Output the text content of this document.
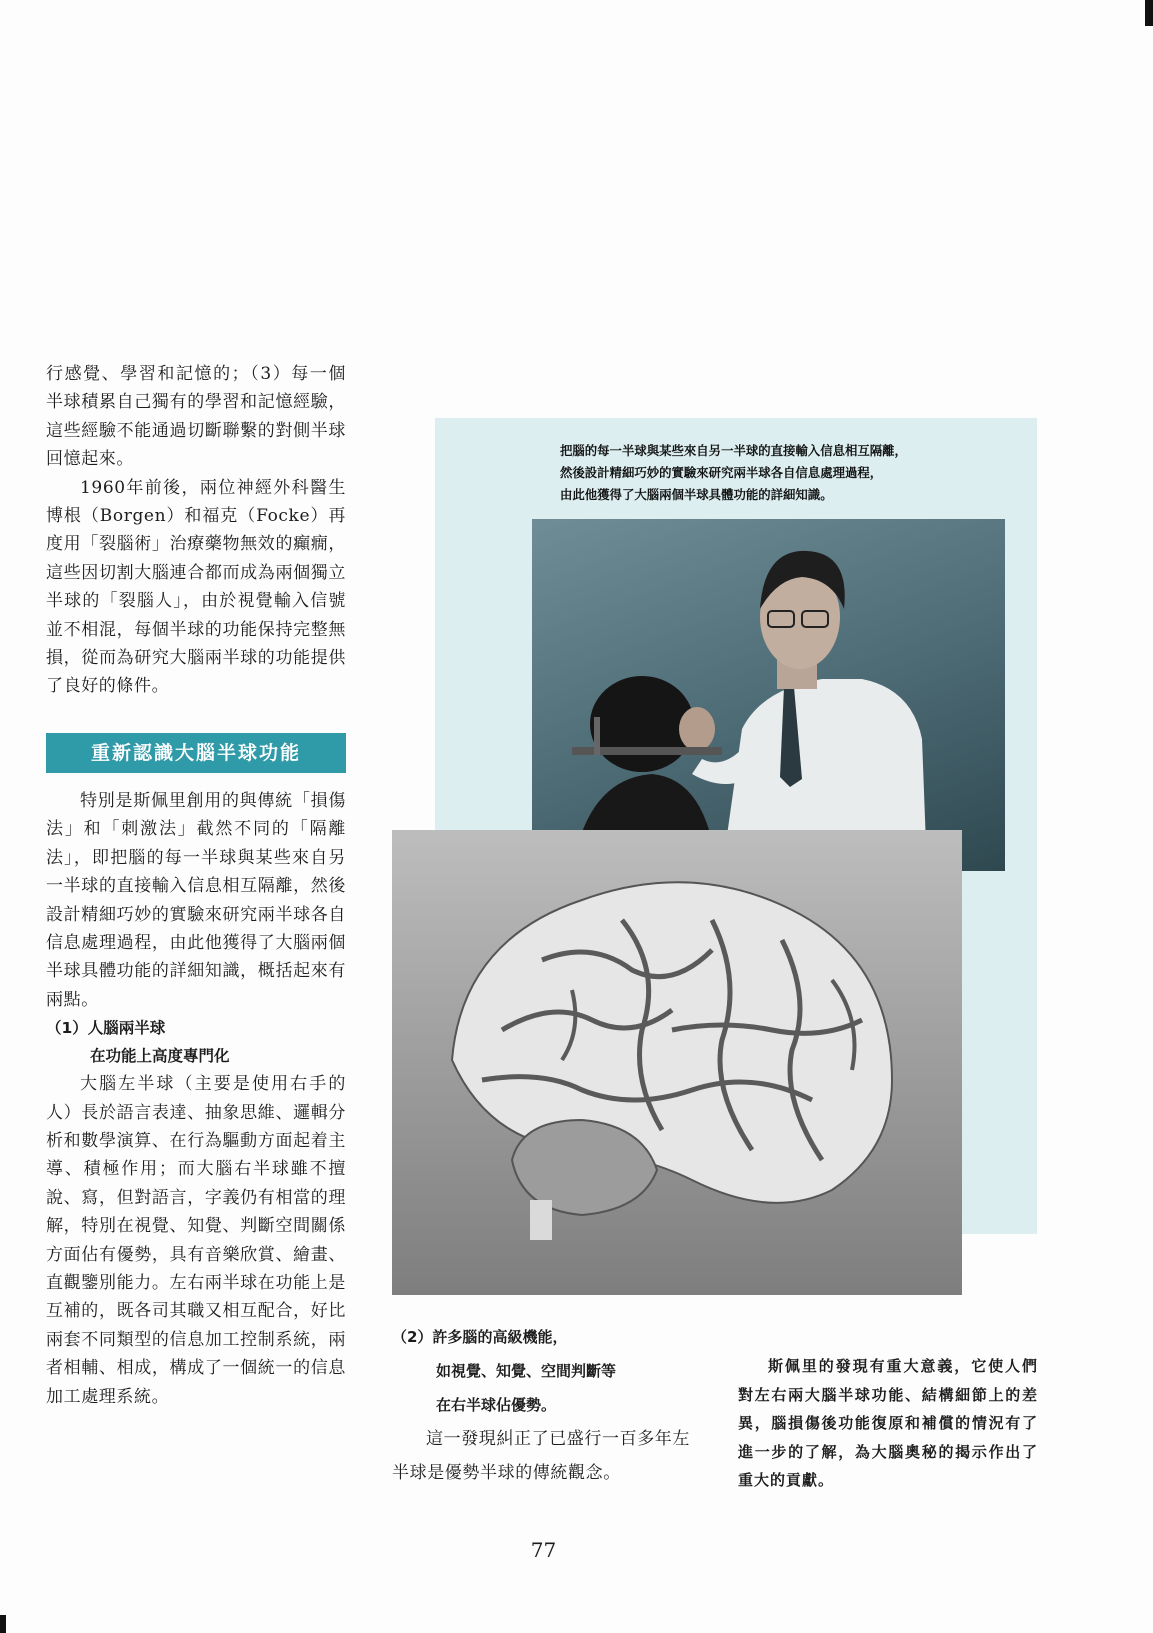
行感覺、學習和記憶的；（3）每一個半球積累自己獨有的學習和記憶經驗，這些經驗不能通過切斷聯繫的對側半球回憶起來。

1960年前後，兩位神經外科醫生博根（Borgen）和福克（Focke）再度用「裂腦術」治療藥物無效的癲癇，這些因切割大腦連合都而成為兩個獨立半球的「裂腦人」，由於視覺輸入信號並不相混，每個半球的功能保持完整無損，從而為研究大腦兩半球的功能提供了良好的條件。

重新認識大腦半球功能

特別是斯佩里創用的與傳統「損傷法」和「刺激法」截然不同的「隔離法」，即把腦的每一半球與某些來自另一半球的直接輸入信息相互隔離，然後設計精細巧妙的實驗來研究兩半球各自信息處理過程，由此他獲得了大腦兩個半球具體功能的詳細知識，概括起來有兩點。

（1）人腦兩半球
在功能上高度專門化

大腦左半球（主要是使用右手的人）長於語言表達、抽象思維、邏輯分析和數學演算、在行為驅動方面起着主導、積極作用；而大腦右半球雖不擅說、寫，但對語言，字義仍有相當的理解，特別在視覺、知覺、判斷空間關係方面佔有優勢，具有音樂欣賞、繪畫、直觀鑒別能力。左右兩半球在功能上是互補的，既各司其職又相互配合，好比兩套不同類型的信息加工控制系統，兩者相輔、相成，構成了一個統一的信息加工處理系統。

把腦的每一半球與某些來自另一半球的直接輸入信息相互隔離，
然後設計精細巧妙的實驗來研究兩半球各自信息處理過程，
由此他獲得了大腦兩個半球具體功能的詳細知識。
（2）許多腦的高級機能，
如視覺、知覺、空間判斷等
在右半球佔優勢。

這一發現糾正了已盛行一百多年左半球是優勢半球的傳統觀念。

斯佩里的發現有重大意義，它使人們對左右兩大腦半球功能、結構細節上的差異，腦損傷後功能復原和補償的情況有了進一步的了解，為大腦奧秘的揭示作出了重大的貢獻。

77
